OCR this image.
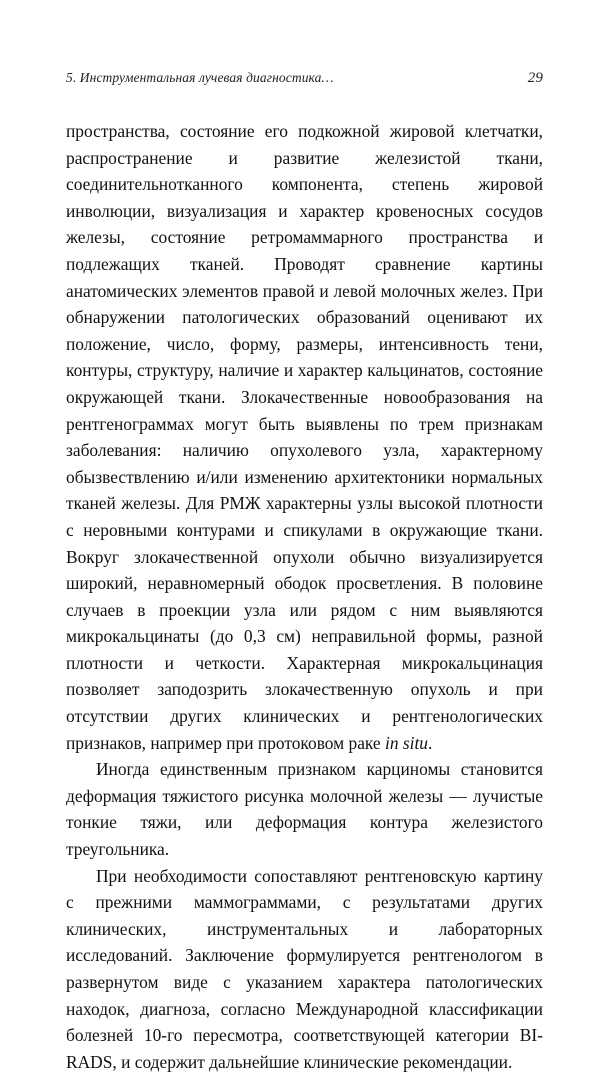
5. Инструментальная лучевая диагностика…	29

пространства, состояние его подкожной жировой клетчатки, распространение и развитие железистой ткани, соединительнотканного компонента, степень жировой инволюции, визуализация и характер кровеносных сосудов железы, состояние ретромаммарного пространства и подлежащих тканей. Проводят сравнение картины анатомических элементов правой и левой молочных желез. При обнаружении патологических образований оценивают их положение, число, форму, размеры, интенсивность тени, контуры, структуру, наличие и характер кальцинатов, состояние окружающей ткани. Злокачественные новообразования на рентгенограммах могут быть выявлены по трем признакам заболевания: наличию опухолевого узла, характерному обызвествлению и/или изменению архитектоники нормальных тканей железы. Для РМЖ характерны узлы высокой плотности с неровными контурами и спикулами в окружающие ткани. Вокруг злокачественной опухоли обычно визуализируется широкий, неравномерный ободок просветления. В половине случаев в проекции узла или рядом с ним выявляются микрокальцинаты (до 0,3 см) неправильной формы, разной плотности и четкости. Характерная микрокальцинация позволяет заподозрить злокачественную опухоль и при отсутствии других клинических и рентгенологических признаков, например при протоковом раке in situ.

Иногда единственным признаком карциномы становится деформация тяжистого рисунка молочной железы — лучистые тонкие тяжи, или деформация контура железистого треугольника.

При необходимости сопоставляют рентгеновскую картину с прежними маммограммами, с результатами других клинических, инструментальных и лабораторных исследований. Заключение формулируется рентгенологом в развернутом виде с указанием характера патологических находок, диагноза, согласно Международной классификации болезней 10-го пересмотра, соответствующей категории BI-RADS, и содержит дальнейшие клинические рекомендации.
